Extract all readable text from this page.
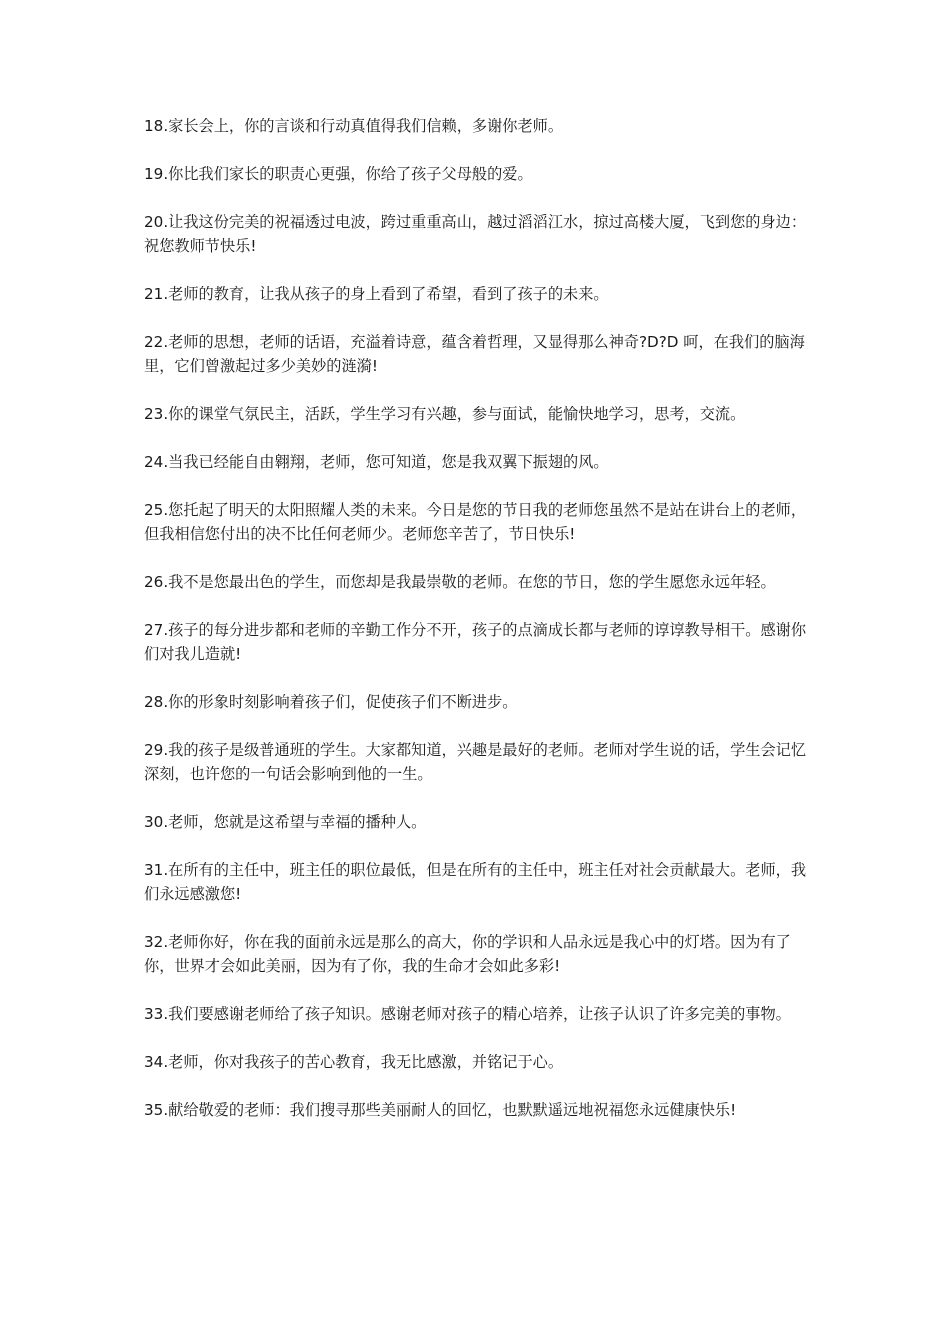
18.家长会上，你的言谈和行动真值得我们信赖，多谢你老师。

19.你比我们家长的职责心更强，你给了孩子父母般的爱。

20.让我这份完美的祝福透过电波，跨过重重高山，越过滔滔江水，掠过高楼大厦，飞到您的身边：祝您教师节快乐!

21.老师的教育，让我从孩子的身上看到了希望，看到了孩子的未来。

22.老师的思想，老师的话语，充溢着诗意，蕴含着哲理，又显得那么神奇?D?D 呵，在我们的脑海里，它们曾激起过多少美妙的涟漪!

23.你的课堂气氛民主，活跃，学生学习有兴趣，参与面试，能愉快地学习，思考，交流。

24.当我已经能自由翱翔，老师，您可知道，您是我双翼下振翅的风。

25.您托起了明天的太阳照耀人类的未来。今日是您的节日我的老师您虽然不是站在讲台上的老师，但我相信您付出的决不比任何老师少。老师您辛苦了，节日快乐!

26.我不是您最出色的学生，而您却是我最崇敬的老师。在您的节日，您的学生愿您永远年轻。

27.孩子的每分进步都和老师的辛勤工作分不开，孩子的点滴成长都与老师的谆谆教导相干。感谢你们对我儿造就!

28.你的形象时刻影响着孩子们，促使孩子们不断进步。

29.我的孩子是级普通班的学生。大家都知道，兴趣是最好的老师。老师对学生说的话，学生会记忆深刻，也许您的一句话会影响到他的一生。

30.老师，您就是这希望与幸福的播种人。

31.在所有的主任中，班主任的职位最低，但是在所有的主任中，班主任对社会贡献最大。老师，我们永远感激您!

32.老师你好，你在我的面前永远是那么的高大，你的学识和人品永远是我心中的灯塔。因为有了你，世界才会如此美丽，因为有了你，我的生命才会如此多彩!

33.我们要感谢老师给了孩子知识。感谢老师对孩子的精心培养，让孩子认识了许多完美的事物。

34.老师，你对我孩子的苦心教育，我无比感激，并铭记于心。

35.献给敬爱的老师：我们搜寻那些美丽耐人的回忆，也默默遥远地祝福您永远健康快乐!
